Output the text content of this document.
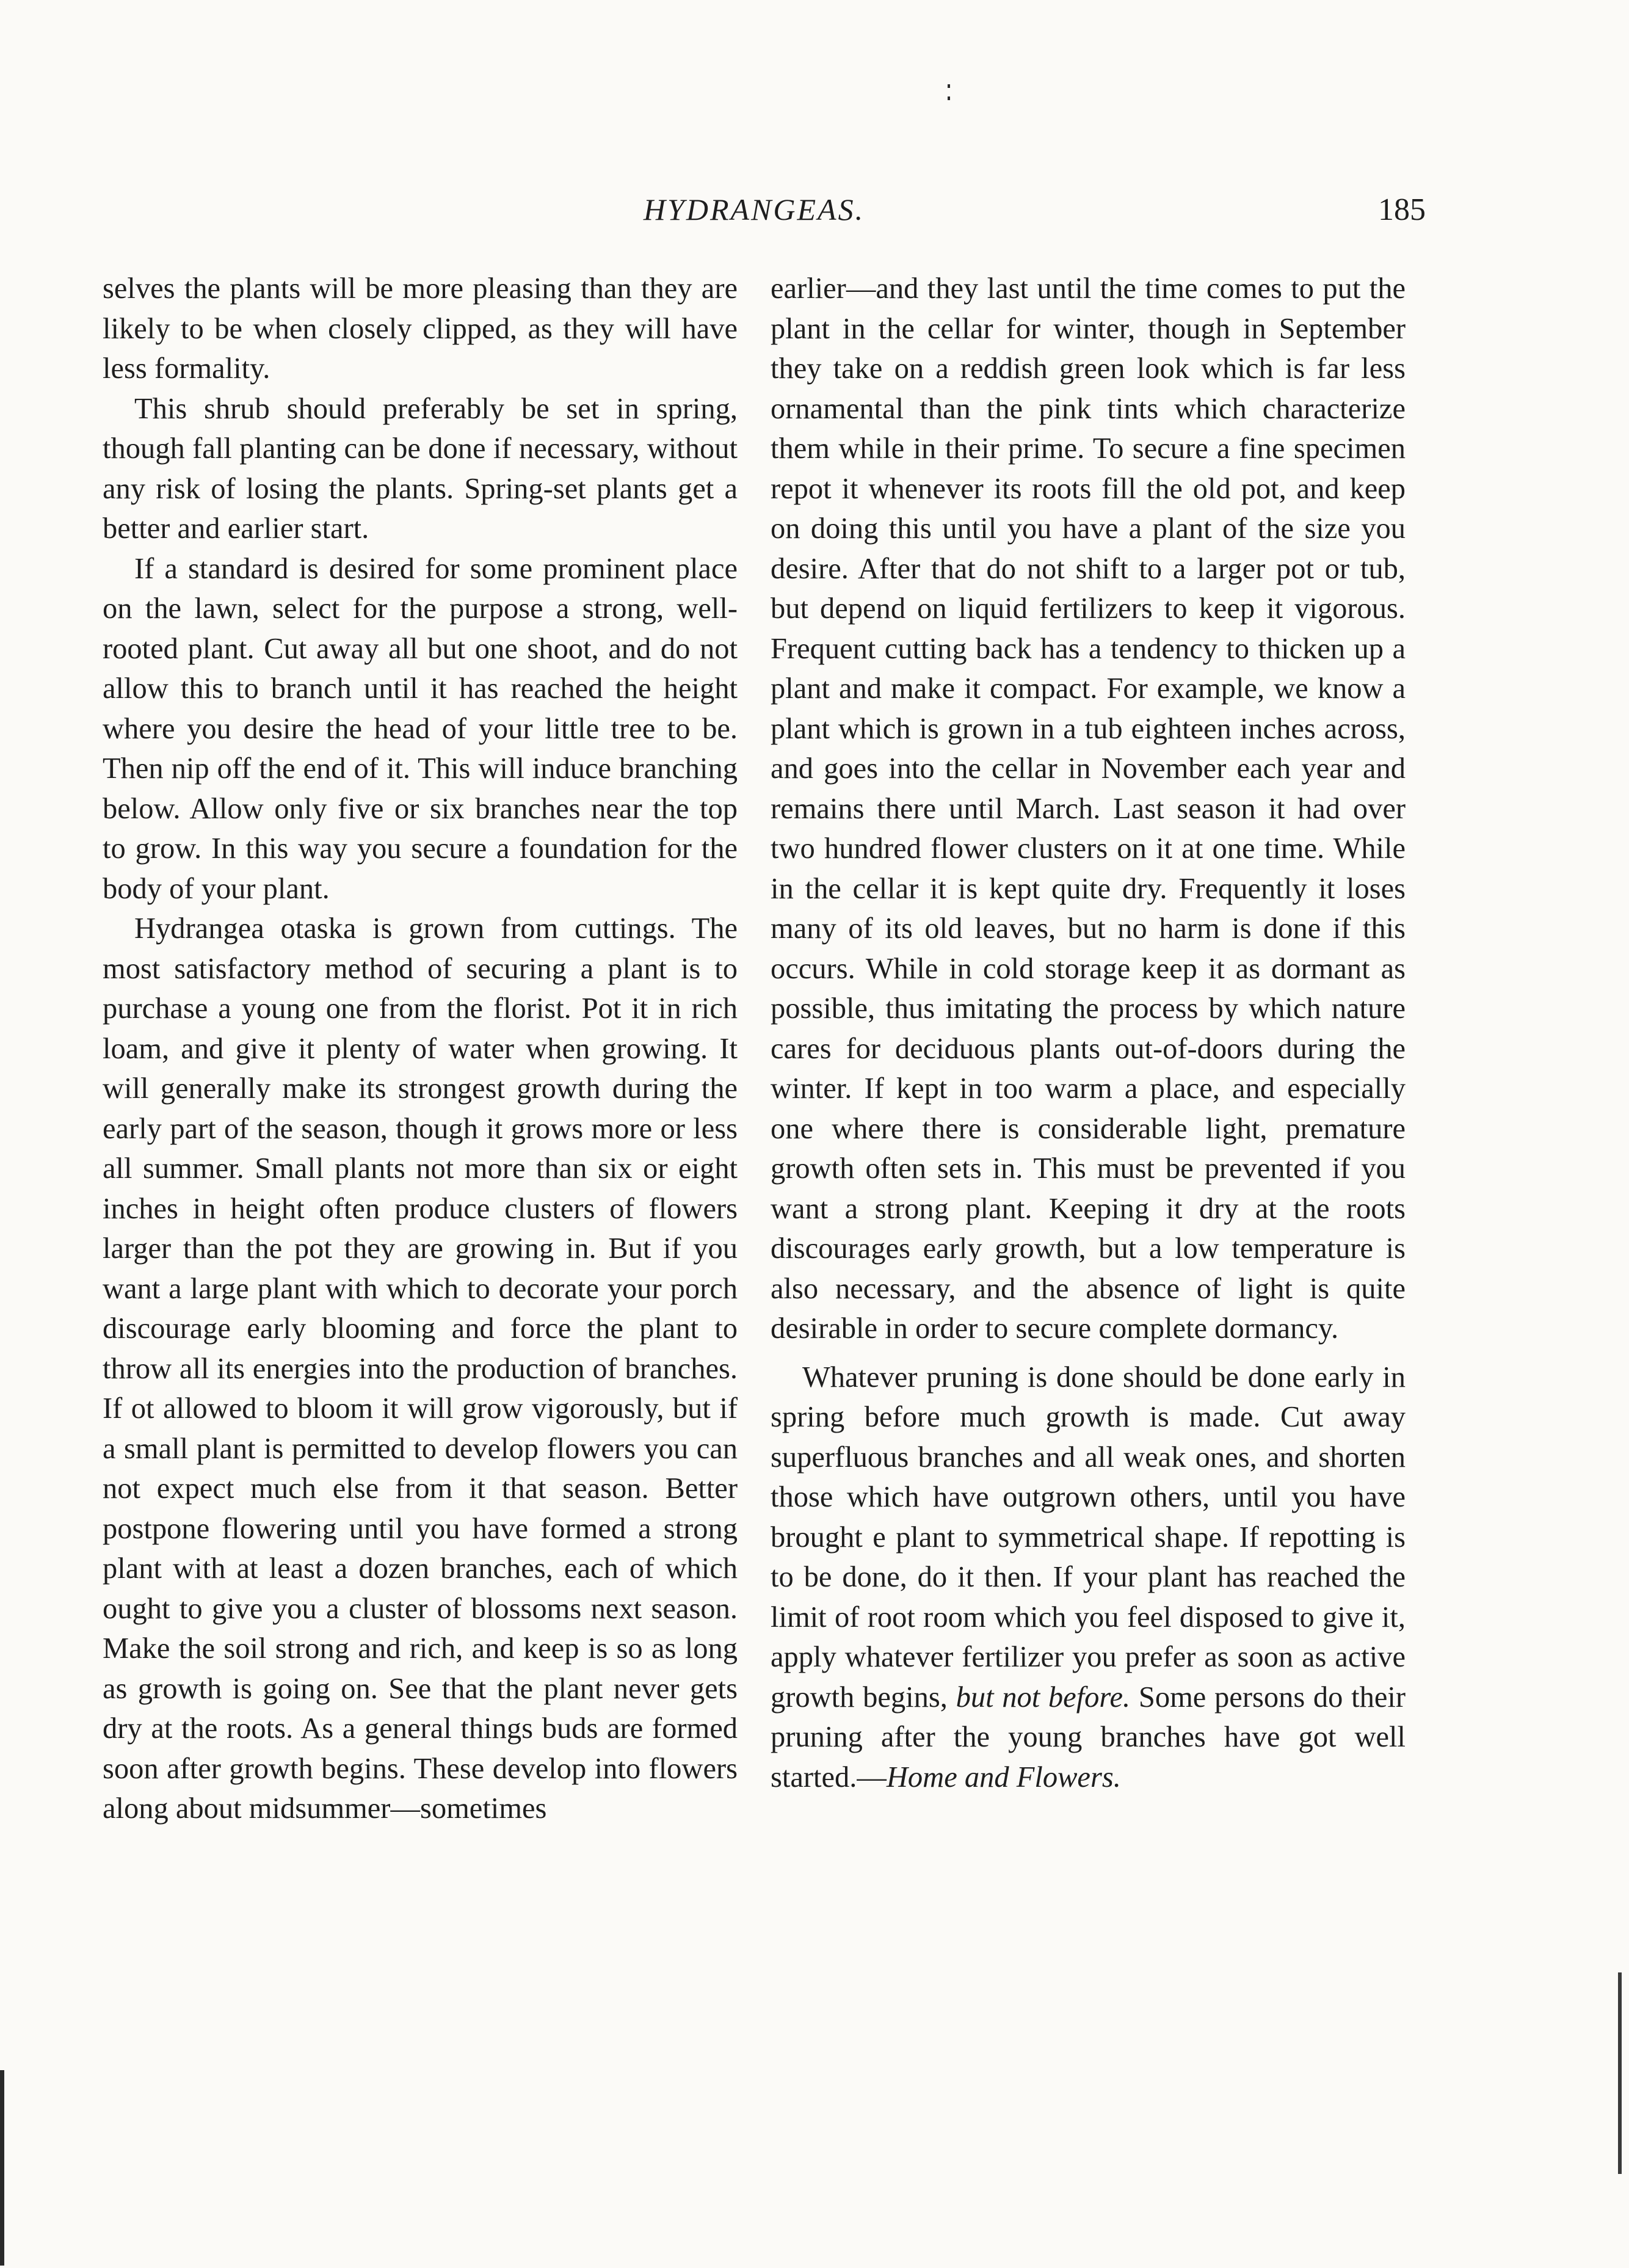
HYDRANGEAS.	185

selves the plants will be more pleasing than they are likely to be when closely clipped, as they will have less formality.

This shrub should preferably be set in spring, though fall planting can be done if necessary, without any risk of losing the plants. Spring-set plants get a better and earlier start.

If a standard is desired for some prominent place on the lawn, select for the purpose a strong, well-rooted plant. Cut away all but one shoot, and do not allow this to branch until it has reached the height where you desire the head of your little tree to be. Then nip off the end of it. This will induce branching below. Allow only five or six branches near the top to grow. In this way you secure a foundation for the body of your plant.

Hydrangea otaska is grown from cuttings. The most satisfactory method of securing a plant is to purchase a young one from the florist. Pot it in rich loam, and give it plenty of water when growing. It will generally make its strongest growth during the early part of the season, though it grows more or less all summer. Small plants not more than six or eight inches in height often produce clusters of flowers larger than the pot they are growing in. But if you want a large plant with which to decorate your porch discourage early blooming and force the plant to throw all its energies into the production of branches. If ot allowed to bloom it will grow vigorously, but if a small plant is permitted to develop flowers you can not expect much else from it that season. Better postpone flowering until you have formed a strong plant with at least a dozen branches, each of which ought to give you a cluster of blossoms next season. Make the soil strong and rich, and keep is so as long as growth is going on. See that the plant never gets dry at the roots. As a general things buds are formed soon after growth begins. These develop into flowers along about midsummer—sometimes

earlier—and they last until the time comes to put the plant in the cellar for winter, though in September they take on a reddish green look which is far less ornamental than the pink tints which characterize them while in their prime. To secure a fine specimen repot it whenever its roots fill the old pot, and keep on doing this until you have a plant of the size you desire. After that do not shift to a larger pot or tub, but depend on liquid fertilizers to keep it vigorous. Frequent cutting back has a tendency to thicken up a plant and make it compact. For example, we know a plant which is grown in a tub eighteen inches across, and goes into the cellar in November each year and remains there until March. Last season it had over two hundred flower clusters on it at one time. While in the cellar it is kept quite dry. Frequently it loses many of its old leaves, but no harm is done if this occurs. While in cold storage keep it as dormant as possible, thus imitating the process by which nature cares for deciduous plants out-of-doors during the winter. If kept in too warm a place, and especially one where there is considerable light, premature growth often sets in. This must be prevented if you want a strong plant. Keeping it dry at the roots discourages early growth, but a low temperature is also necessary, and the absence of light is quite desirable in order to secure complete dormancy.

Whatever pruning is done should be done early in spring before much growth is made. Cut away superfluous branches and all weak ones, and shorten those which have outgrown others, until you have brought e plant to symmetrical shape. If repotting is to be done, do it then. If your plant has reached the limit of root room which you feel disposed to give it, apply whatever fertilizer you prefer as soon as active growth begins, but not before. Some persons do their pruning after the young branches have got well started.—Home and Flowers.
